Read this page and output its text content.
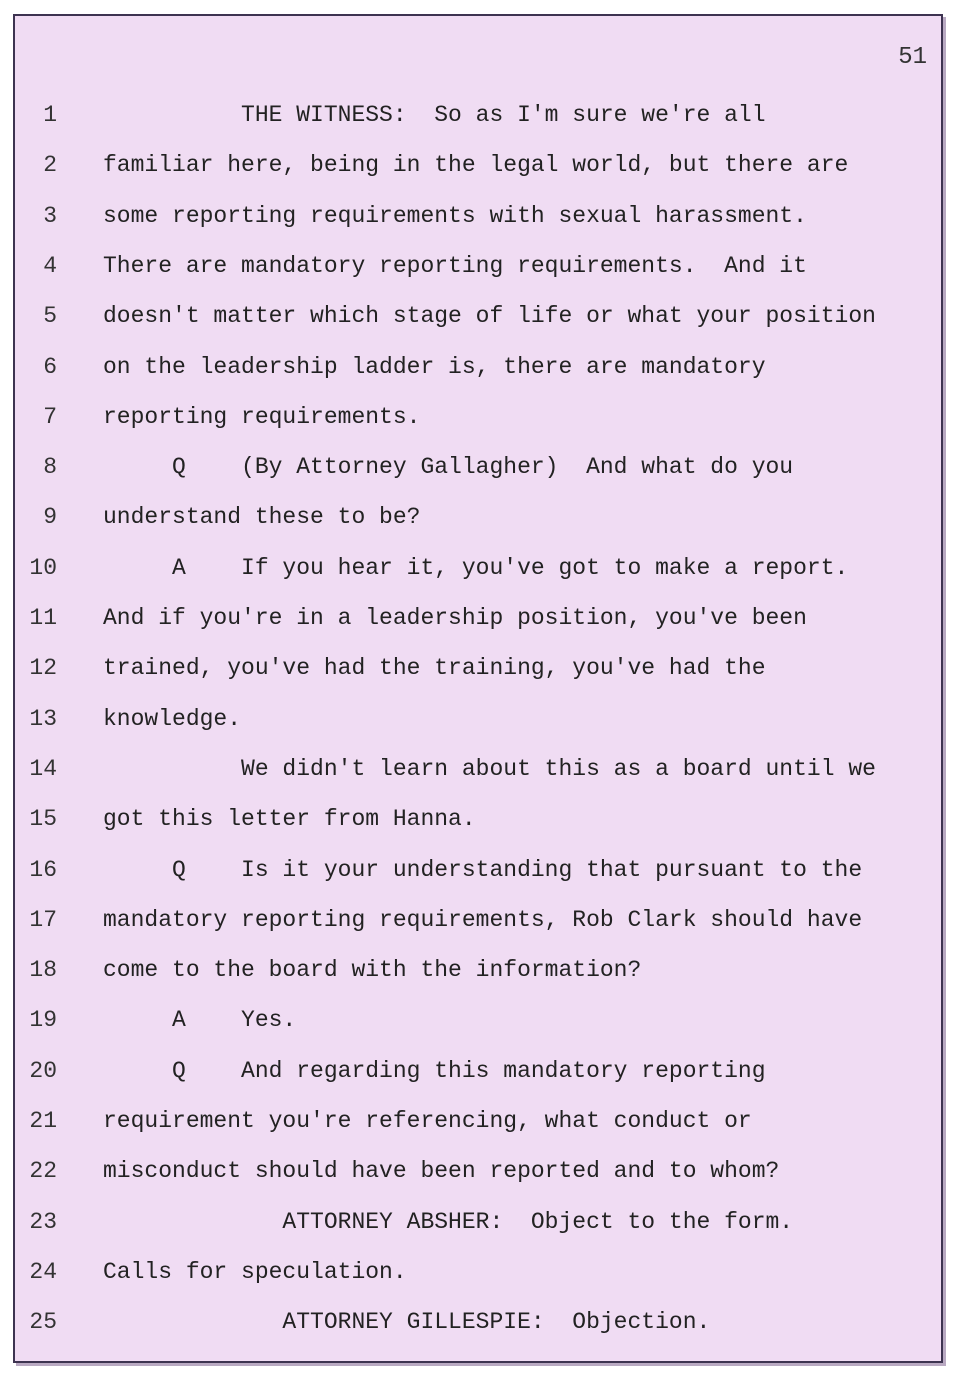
51
1 THE WITNESS:  So as I'm sure we're all
2 familiar here, being in the legal world, but there are
3 some reporting requirements with sexual harassment.
4 There are mandatory reporting requirements.  And it
5 doesn't matter which stage of life or what your position
6 on the leadership ladder is, there are mandatory
7 reporting requirements.
8 Q    (By Attorney Gallagher)  And what do you
9 understand these to be?
10 A    If you hear it, you've got to make a report.
11 And if you're in a leadership position, you've been
12 trained, you've had the training, you've had the
13 knowledge.
14 We didn't learn about this as a board until we
15 got this letter from Hanna.
16 Q    Is it your understanding that pursuant to the
17 mandatory reporting requirements, Rob Clark should have
18 come to the board with the information?
19 A    Yes.
20 Q    And regarding this mandatory reporting
21 requirement you're referencing, what conduct or
22 misconduct should have been reported and to whom?
23 ATTORNEY ABSHER:  Object to the form.
24 Calls for speculation.
25 ATTORNEY GILLESPIE:  Objection.
